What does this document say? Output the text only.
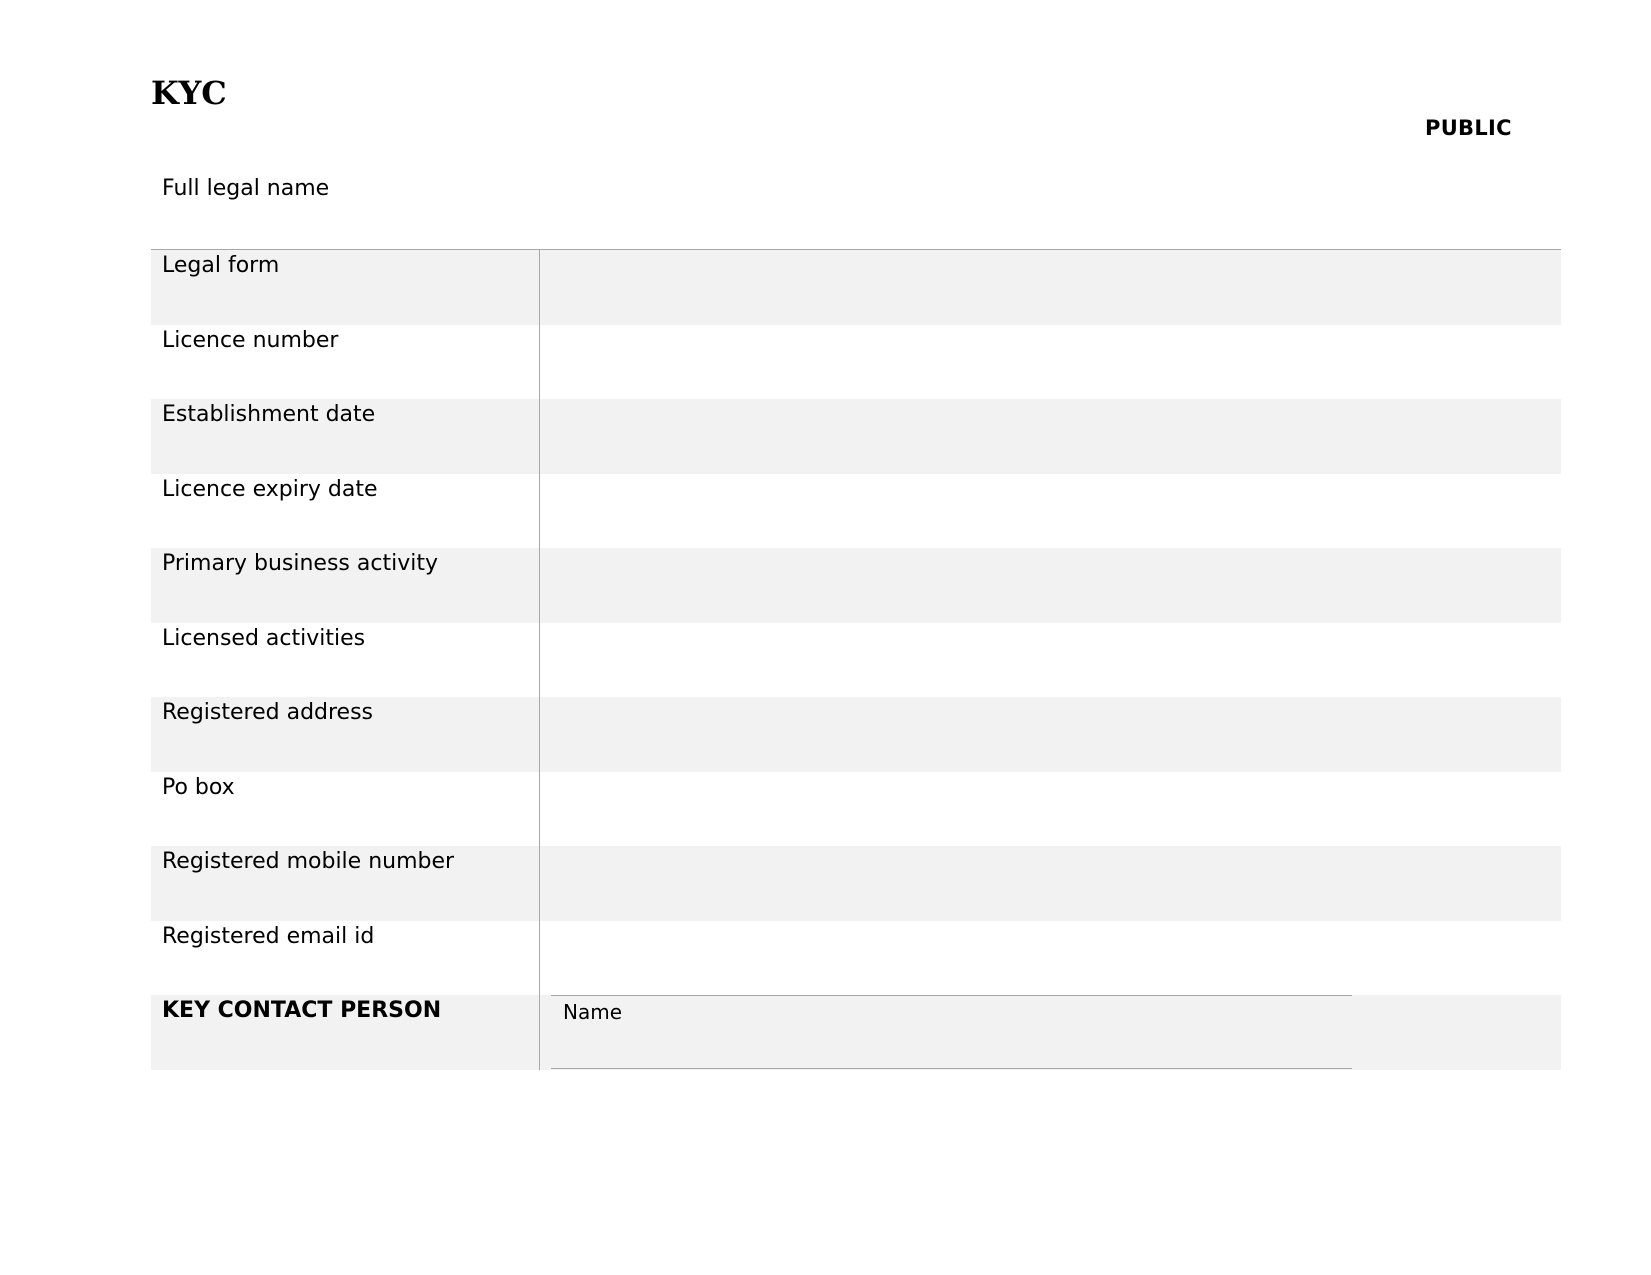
KYC
PUBLIC
Full legal name
Legal form
Licence number
Establishment date
Licence expiry date
Primary business activity
Licensed activities
Registered address
Po box
Registered mobile number
Registered email id
KEY CONTACT PERSON	Name
